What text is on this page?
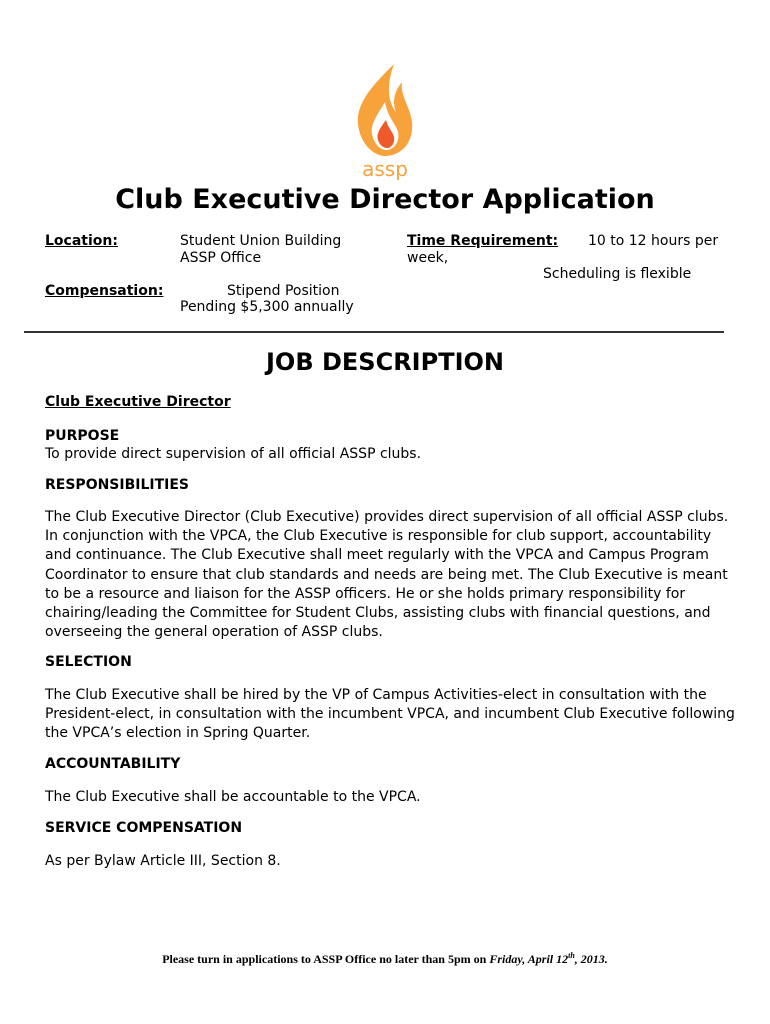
assp
Club Executive Director Application
Location:	Student Union Building
ASSP Office
Time Requirement: 10 to 12 hours per
week,
Scheduling is flexible
Compensation:	Stipend Position
Pending $5,300 annually
JOB DESCRIPTION
Club Executive Director
PURPOSE
To provide direct supervision of all official ASSP clubs.
RESPONSIBILITIES
The Club Executive Director (Club Executive) provides direct supervision of all official ASSP clubs. In conjunction with the VPCA, the Club Executive is responsible for club support, accountability and continuance. The Club Executive shall meet regularly with the VPCA and Campus Program Coordinator to ensure that club standards and needs are being met. The Club Executive is meant to be a resource and liaison for the ASSP officers. He or she holds primary responsibility for chairing/leading the Committee for Student Clubs, assisting clubs with financial questions, and overseeing the general operation of ASSP clubs.
SELECTION
The Club Executive shall be hired by the VP of Campus Activities-elect in consultation with the President-elect, in consultation with the incumbent VPCA, and incumbent Club Executive following the VPCA’s election in Spring Quarter.
ACCOUNTABILITY
The Club Executive shall be accountable to the VPCA.
SERVICE COMPENSATION
As per Bylaw Article III, Section 8.
Please turn in applications to ASSP Office no later than 5pm on Friday, April 12th, 2013.
